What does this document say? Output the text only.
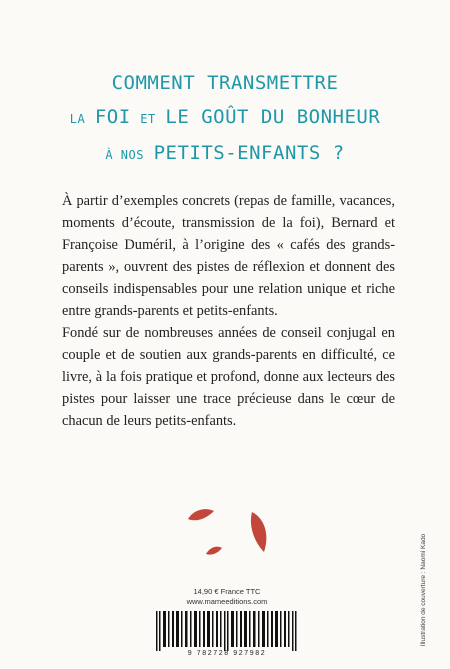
COMMENT TRANSMETTRE
LA FOI ET LE GOÛT DU BONHEUR
À NOS PETITS-ENFANTS ?

À partir d’exemples concrets (repas de famille, vacances, moments d’écoute, transmission de la foi), Bernard et Françoise Duméril, à l’origine des « cafés des grands-parents », ouvrent des pistes de réflexion et donnent des conseils indispensables pour une relation unique et riche entre grands-parents et petits-enfants.

Fondé sur de nombreuses années de conseil conjugal en couple et de soutien aux grands-parents en difficulté, ce livre, à la fois pratique et profond, donne aux lecteurs des pistes pour laisser une trace précieuse dans le cœur de chacun de leurs petits-enfants.

14,90 € France TTC
www.mameeditions.com
9 782728 927982
Illustration de couverture : Naomi Kado
